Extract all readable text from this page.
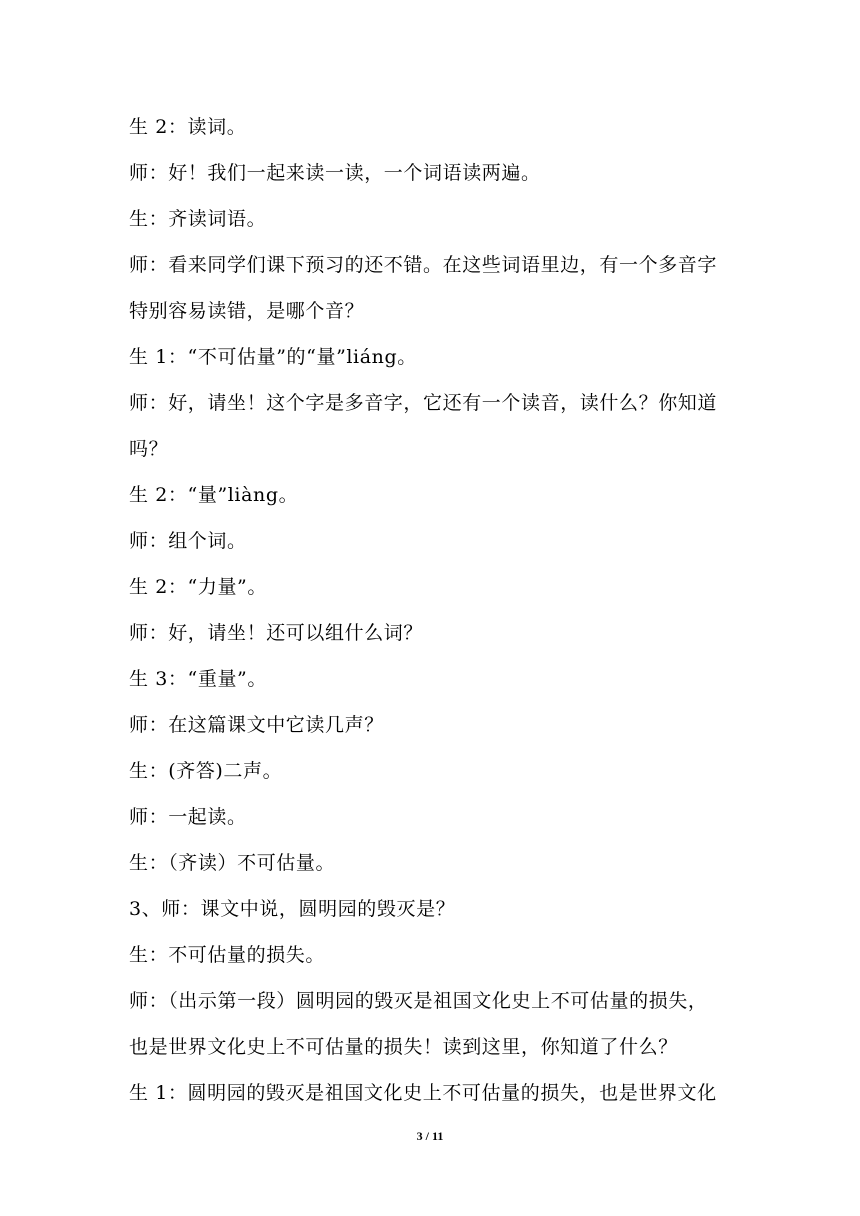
生 2：读词。
师：好！我们一起来读一读，一个词语读两遍。
生：齐读词语。
师：看来同学们课下预习的还不错。在这些词语里边，有一个多音字
特别容易读错，是哪个音？
生 1：“不可估量”的“量”liáng。
师：好，请坐！这个字是多音字，它还有一个读音，读什么？你知道
吗？
生 2：“量”liàng。
师：组个词。
生 2：“力量”。
师：好，请坐！还可以组什么词？
生 3：“重量”。
师：在这篇课文中它读几声？
生：(齐答)二声。
师：一起读。
生：（齐读）不可估量。
3、师：课文中说，圆明园的毁灭是？
生：不可估量的损失。
师：（出示第一段）圆明园的毁灭是祖国文化史上不可估量的损失，
也是世界文化史上不可估量的损失！读到这里，你知道了什么？
生 1：圆明园的毁灭是祖国文化史上不可估量的损失，也是世界文化
3 / 11
